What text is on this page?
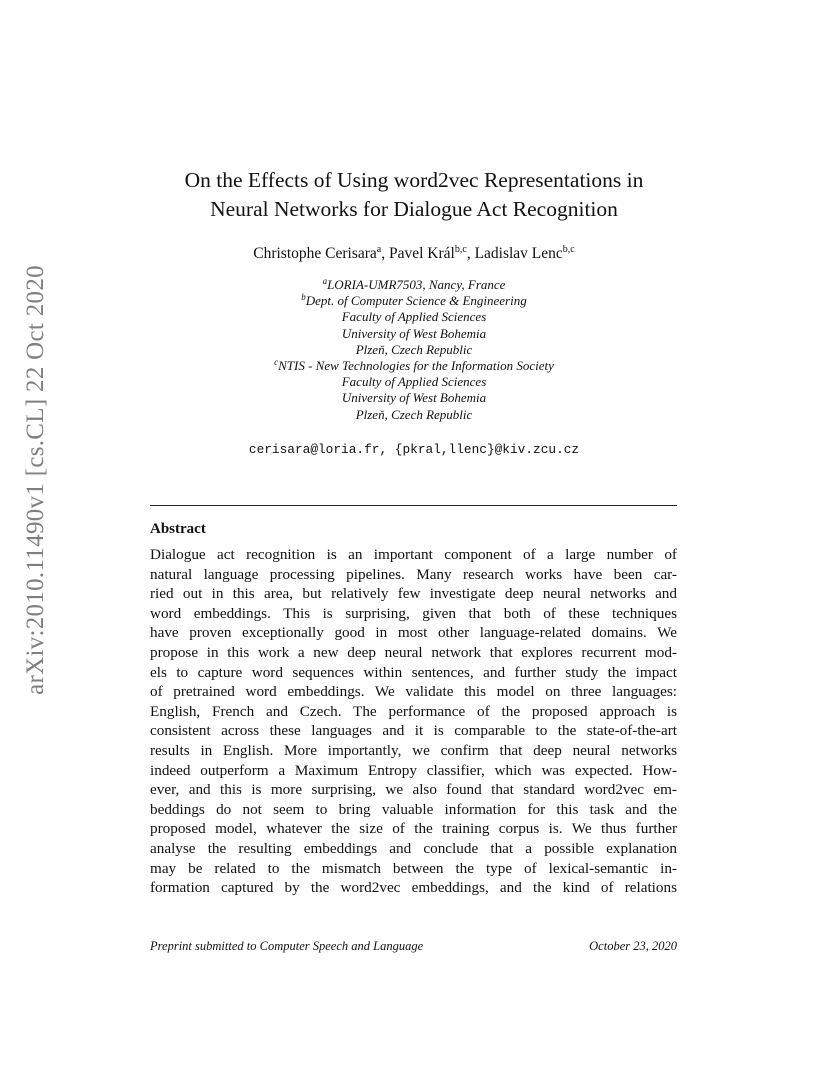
arXiv:2010.11490v1 [cs.CL] 22 Oct 2020
On the Effects of Using word2vec Representations in
Neural Networks for Dialogue Act Recognition
Christophe Cerisara$^a$, Pavel Král$^{b,c}$, Ladislav Lenc$^{b,c}$
$^a$LORIA-UMR7503, Nancy, France
$^b$Dept. of Computer Science & Engineering
Faculty of Applied Sciences
University of West Bohemia
Plzeň, Czech Republic
$^c$NTIS - New Technologies for the Information Society
Faculty of Applied Sciences
University of West Bohemia
Plzeň, Czech Republic
cerisara@loria.fr, {pkral,llenc}@kiv.zcu.cz
Abstract
Dialogue act recognition is an important component of a large number of
natural language processing pipelines. Many research works have been car-
ried out in this area, but relatively few investigate deep neural networks and
word embeddings. This is surprising, given that both of these techniques
have proven exceptionally good in most other language-related domains. We
propose in this work a new deep neural network that explores recurrent mod-
els to capture word sequences within sentences, and further study the impact
of pretrained word embeddings. We validate this model on three languages:
English, French and Czech. The performance of the proposed approach is
consistent across these languages and it is comparable to the state-of-the-art
results in English. More importantly, we confirm that deep neural networks
indeed outperform a Maximum Entropy classifier, which was expected. How-
ever, and this is more surprising, we also found that standard word2vec em-
beddings do not seem to bring valuable information for this task and the
proposed model, whatever the size of the training corpus is. We thus further
analyse the resulting embeddings and conclude that a possible explanation
may be related to the mismatch between the type of lexical-semantic in-
formation captured by the word2vec embeddings, and the kind of relations
Preprint submitted to Computer Speech and Language	October 23, 2020
